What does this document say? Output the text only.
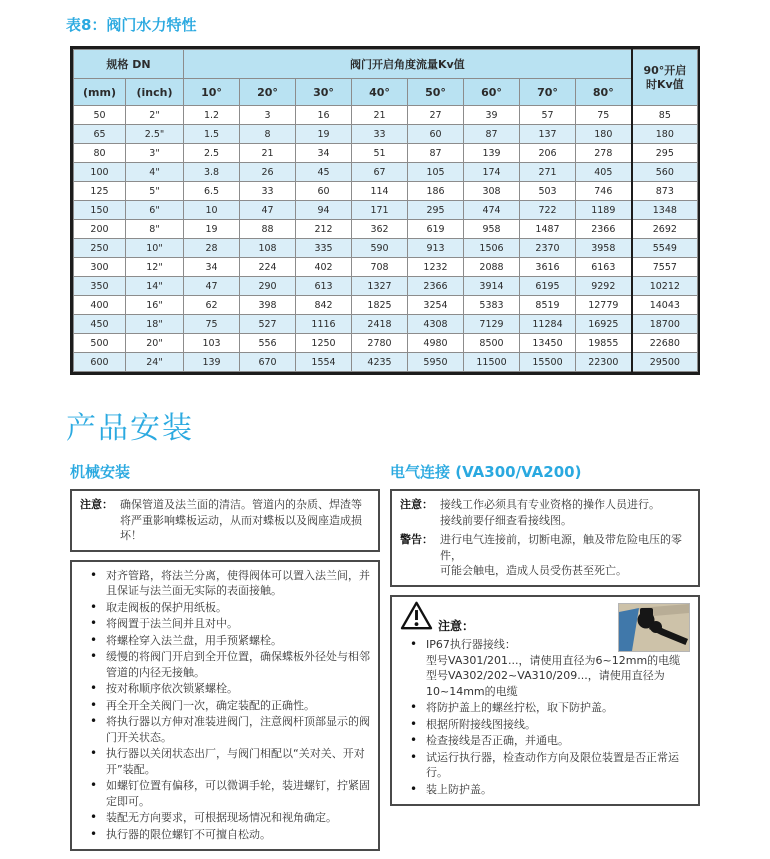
表8：阀门水力特性
规格 DN		阀门开启角度流量Kv值								90°开启
时Kv值

(mm)	(inch)	10°	20°	30°	40°	50°	60°	70°	80°	
50	2"	1.2	3	16	21	27	39	57	75	85
65	2.5"	1.5	8	19	33	60	87	137	180	180
80	3"	2.5	21	34	51	87	139	206	278	295
100	4"	3.8	26	45	67	105	174	271	405	560
125	5"	6.5	33	60	114	186	308	503	746	873
150	6"	10	47	94	171	295	474	722	1189	1348
200	8"	19	88	212	362	619	958	1487	2366	2692
250	10"	28	108	335	590	913	1506	2370	3958	5549
300	12"	34	224	402	708	1232	2088	3616	6163	7557
350	14"	47	290	613	1327	2366	3914	6195	9292	10212
400	16"	62	398	842	1825	3254	5383	8519	12779	14043
450	18"	75	527	1116	2418	4308	7129	11284	16925	18700
500	20"	103	556	1250	2780	4980	8500	13450	19855	22680
600	24"	139	670	1554	4235	5950	11500	15500	22300	29500
产品安装
机械安装
注意： 确保管道及法兰面的清洁。管道内的杂质、焊渣等将严重影响蝶板运动，从而对蝶板以及阀座造成损坏！
• 对齐管路，将法兰分离，使得阀体可以置入法兰间，并且保证与法兰面无实际的表面接触。
• 取走阀板的保护用纸板。
• 将阀置于法兰间并且对中。
• 将螺栓穿入法兰盘，用手预紧螺栓。
• 缓慢的将阀门开启到全开位置，确保蝶板外径处与相邻管道的内径无接触。
• 按对称顺序依次锁紧螺栓。
• 再全开全关阀门一次，确定装配的正确性。
• 将执行器以方伸对准装进阀门，注意阀杆顶部显示的阀门开关状态。
• 执行器以关闭状态出厂，与阀门相配以“关对关、开对开”装配。
• 如螺钉位置有偏移，可以微调手轮，装进螺钉，拧紧固定即可。
• 装配无方向要求，可根据现场情况和视角确定。
• 执行器的限位螺钉不可擅自松动。
电气连接 (VA300/VA200)
注意： 接线工作必须具有专业资格的操作人员进行。
接线前要仔细查看接线图。
警告： 进行电气连接前，切断电源，触及带危险电压的零件，
可能会触电，造成人员受伤甚至死亡。
注意：
• IP67执行器接线：
型号VA301/201...，请使用直径为6~12mm的电缆
型号VA302/202~VA310/209...，请使用直径为10~14mm的电缆
• 将防护盖上的螺丝拧松，取下防护盖。
• 根据所附接线图接线。
• 检查接线是否正确，并通电。
• 试运行执行器，检查动作方向及限位装置是否正常运行。
• 装上防护盖。
